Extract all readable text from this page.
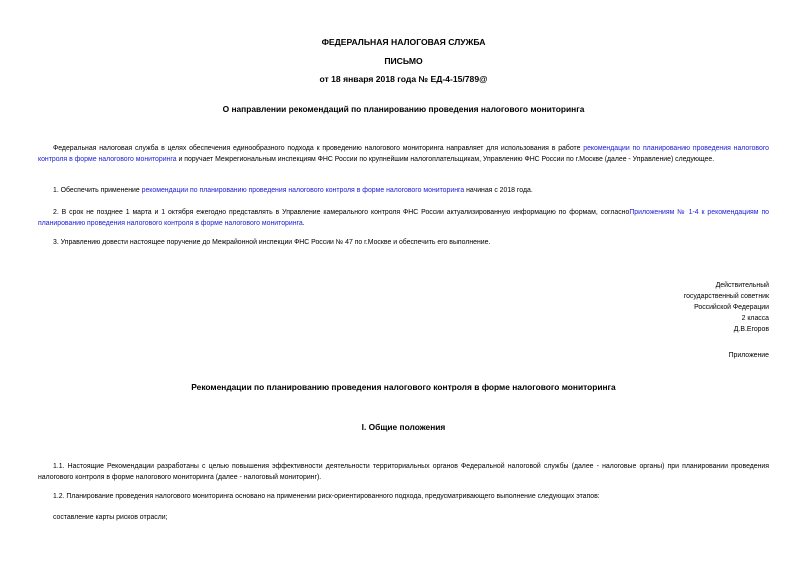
ФЕДЕРАЛЬНАЯ НАЛОГОВАЯ СЛУЖБА
ПИСЬМО
от 18 января 2018 года № ЕД-4-15/789@
О направлении рекомендаций по планированию проведения налогового мониторинга

Федеральная налоговая служба в целях обеспечения единообразного подхода к проведению налогового мониторинга направляет для использования в работе рекомендации по планированию проведения налогового контроля в форме налогового мониторинга и поручает Межрегиональным инспекциям ФНС России по крупнейшим налогоплательщикам, Управлению ФНС России по г.Москве (далее - Управление) следующее.

1. Обеспечить применение рекомендации по планированию проведения налогового контроля в форме налогового мониторинга начиная с 2018 года.

2. В срок не позднее 1 марта и 1 октября ежегодно представлять в Управление камерального контроля ФНС России актуализированную информацию по формам, согласноПриложениям № 1-4 к рекомендациям по планированию проведения налогового контроля в форме налогового мониторинга.

3. Управлению довести настоящее поручение до Межрайонной инспекции ФНС России № 47 по г.Москве и обеспечить его выполнение.

Действительный
государственный советник
Российской Федерации
2 класса
Д.В.Егоров
Приложение
Рекомендации по планированию проведения налогового контроля в форме налогового мониторинга
I. Общие положения

1.1. Настоящие Рекомендации разработаны с целью повышения эффективности деятельности территориальных органов Федеральной налоговой службы (далее - налоговые органы) при планировании проведения налогового контроля в форме налогового мониторинга (далее - налоговый мониторинг).

1.2. Планирование проведения налогового мониторинга основано на применении риск-ориентированного подхода, предусматривающего выполнение следующих этапов:

составление карты рисков отрасли;
